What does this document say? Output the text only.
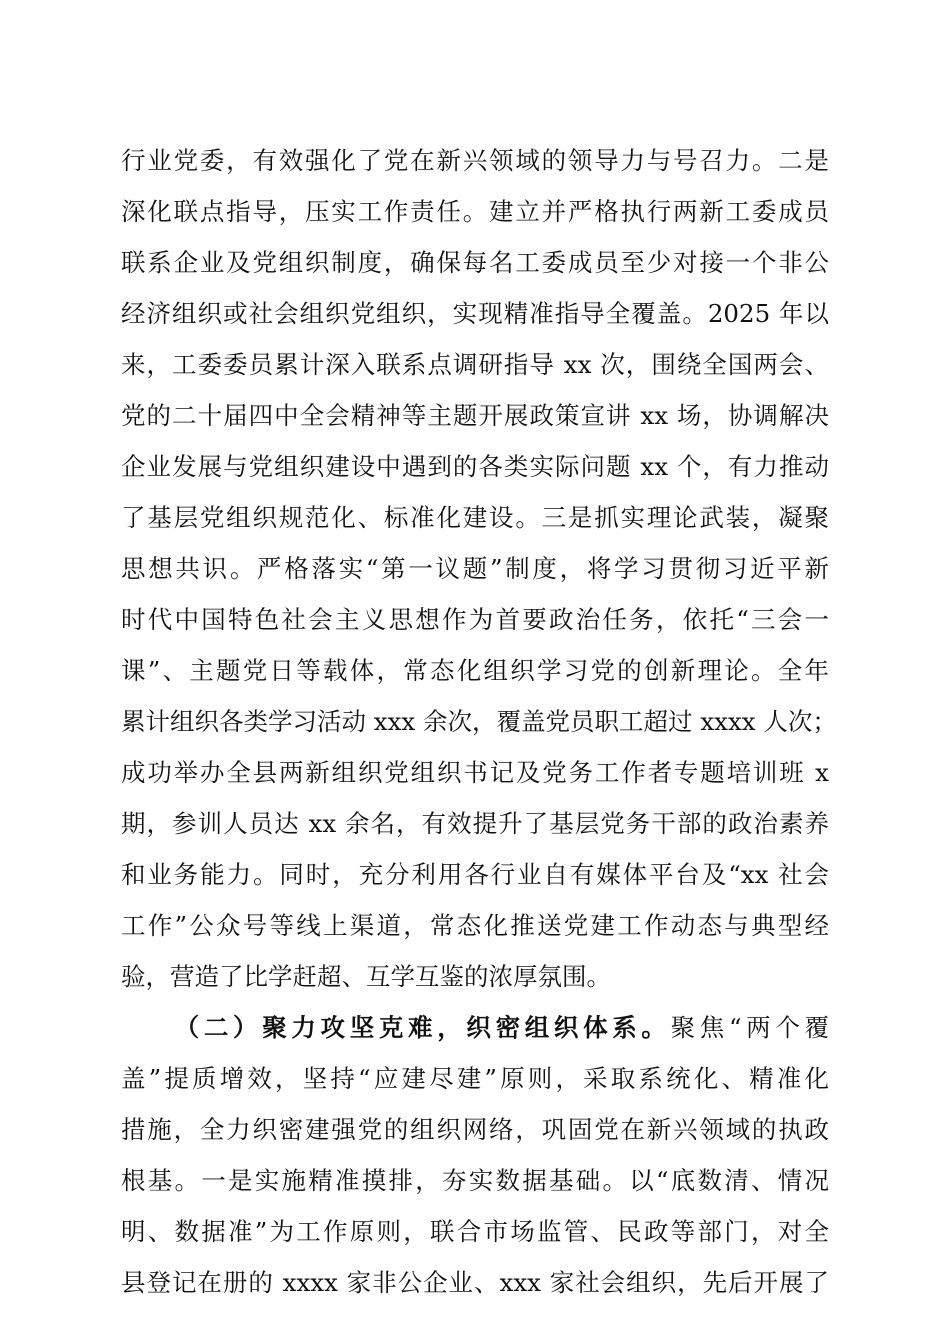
行业党委，有效强化了党在新兴领域的领导力与号召力。二是
深化联点指导，压实工作责任。建立并严格执行两新工委成员
联系企业及党组织制度，确保每名工委成员至少对接一个非公
经济组织或社会组织党组织，实现精准指导全覆盖。2025 年以
来，工委委员累计深入联系点调研指导 xx 次，围绕全国两会、
党的二十届四中全会精神等主题开展政策宣讲 xx 场，协调解决
企业发展与党组织建设中遇到的各类实际问题 xx 个，有力推动
了基层党组织规范化、标准化建设。三是抓实理论武装，凝聚
思想共识。严格落实“第一议题”制度，将学习贯彻习近平新
时代中国特色社会主义思想作为首要政治任务，依托“三会一
课”、主题党日等载体，常态化组织学习党的创新理论。全年
累计组织各类学习活动 xxx 余次，覆盖党员职工超过 xxxx 人次；
成功举办全县两新组织党组织书记及党务工作者专题培训班 x
期，参训人员达 xx 余名，有效提升了基层党务干部的政治素养
和业务能力。同时，充分利用各行业自有媒体平台及“xx 社会
工作”公众号等线上渠道，常态化推送党建工作动态与典型经
验，营造了比学赶超、互学互鉴的浓厚氛围。
（二）聚力攻坚克难，织密组织体系。聚焦“两个覆
盖”提质增效，坚持“应建尽建”原则，采取系统化、精准化
措施，全力织密建强党的组织网络，巩固党在新兴领域的执政
根基。一是实施精准摸排，夯实数据基础。以“底数清、情况
明、数据准”为工作原则，联合市场监管、民政等部门，对全
县登记在册的 xxxx 家非公企业、xxx 家社会组织，先后开展了
